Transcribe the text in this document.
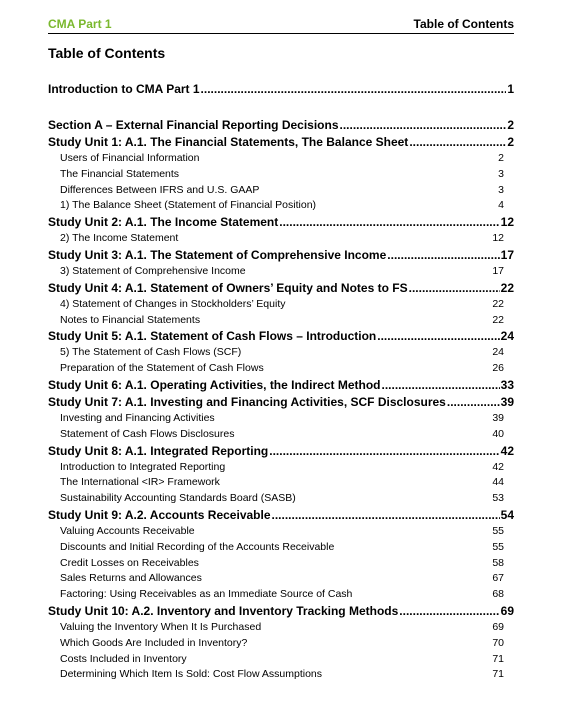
CMA Part 1	Table of Contents
Table of Contents
Introduction to CMA Part 1 .....	1
Section A – External Financial Reporting Decisions .....	2
Study Unit 1: A.1. The Financial Statements, The Balance Sheet .....	2
Users of Financial Information	2
The Financial Statements	3
Differences Between IFRS and U.S. GAAP	3
1) The Balance Sheet (Statement of Financial Position)	4
Study Unit 2: A.1. The Income Statement .....	12
2) The Income Statement	12
Study Unit 3: A.1. The Statement of Comprehensive Income .....	17
3) Statement of Comprehensive Income	17
Study Unit 4: A.1. Statement of Owners’ Equity and Notes to FS .....	22
4) Statement of Changes in Stockholders’ Equity	22
Notes to Financial Statements	22
Study Unit 5: A.1. Statement of Cash Flows – Introduction .....	24
5) The Statement of Cash Flows (SCF)	24
Preparation of the Statement of Cash Flows	26
Study Unit 6: A.1. Operating Activities, the Indirect Method .....	33
Study Unit 7: A.1. Investing and Financing Activities, SCF Disclosures .....	39
Investing and Financing Activities	39
Statement of Cash Flows Disclosures	40
Study Unit 8: A.1. Integrated Reporting .....	42
Introduction to Integrated Reporting	42
The International <IR> Framework	44
Sustainability Accounting Standards Board (SASB)	53
Study Unit 9: A.2. Accounts Receivable .....	54
Valuing Accounts Receivable	55
Discounts and Initial Recording of the Accounts Receivable	55
Credit Losses on Receivables	58
Sales Returns and Allowances	67
Factoring: Using Receivables as an Immediate Source of Cash	68
Study Unit 10: A.2. Inventory and Inventory Tracking Methods .....	69
Valuing the Inventory When It Is Purchased	69
Which Goods Are Included in Inventory?	70
Costs Included in Inventory	71
Determining Which Item Is Sold: Cost Flow Assumptions	71
